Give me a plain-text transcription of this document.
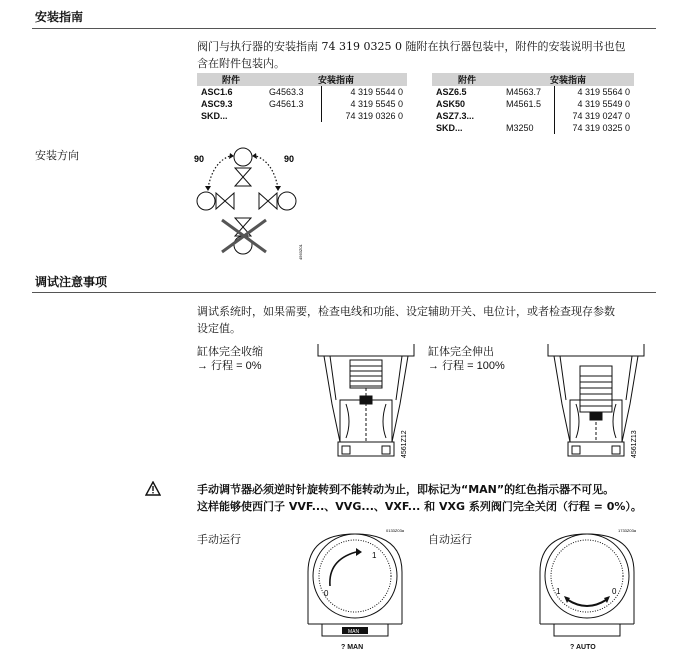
安装指南
阀门与执行器的安装指南 74 319 0325 0 随附在执行器包装中，附件的安装说明书也包
含在附件包装内。
附件	安装指南	
ASC1.6	G4563.3	4 319 5544 0
ASC9.3	G4561.3	4 319 5545 0
SKD...		74 319 0326 0
附件	安装指南	
ASZ6.5	M4563.7	4 319 5564 0
ASK50	M4561.5	4 319 5549 0
ASZ7.3...		74 319 0247 0
SKD...	M3250	74 319 0325 0
安装方向	90	90
4563Z01
调试注意事项
调试系统时，如果需要，检查电线和功能、设定辅助开关、电位计，或者检查现存参数
设定值。
缸体完全收缩
→ 行程 = 0%
缸体完全伸出
→ 行程 = 100%
4561Z12	4561Z13
手动调节器必须逆时针旋转到不能转动为止，即标记为“MAN”的红色指示器不可见。
这样能够使西门子 VVF...、VVG...、VXF... 和 VXG 系列阀门完全关闭（行程 = 0%）。
手动运行	自动运行
MAN
1
0
0133Z03a
? MAN
1	0
1733Z03a
? AUTO
